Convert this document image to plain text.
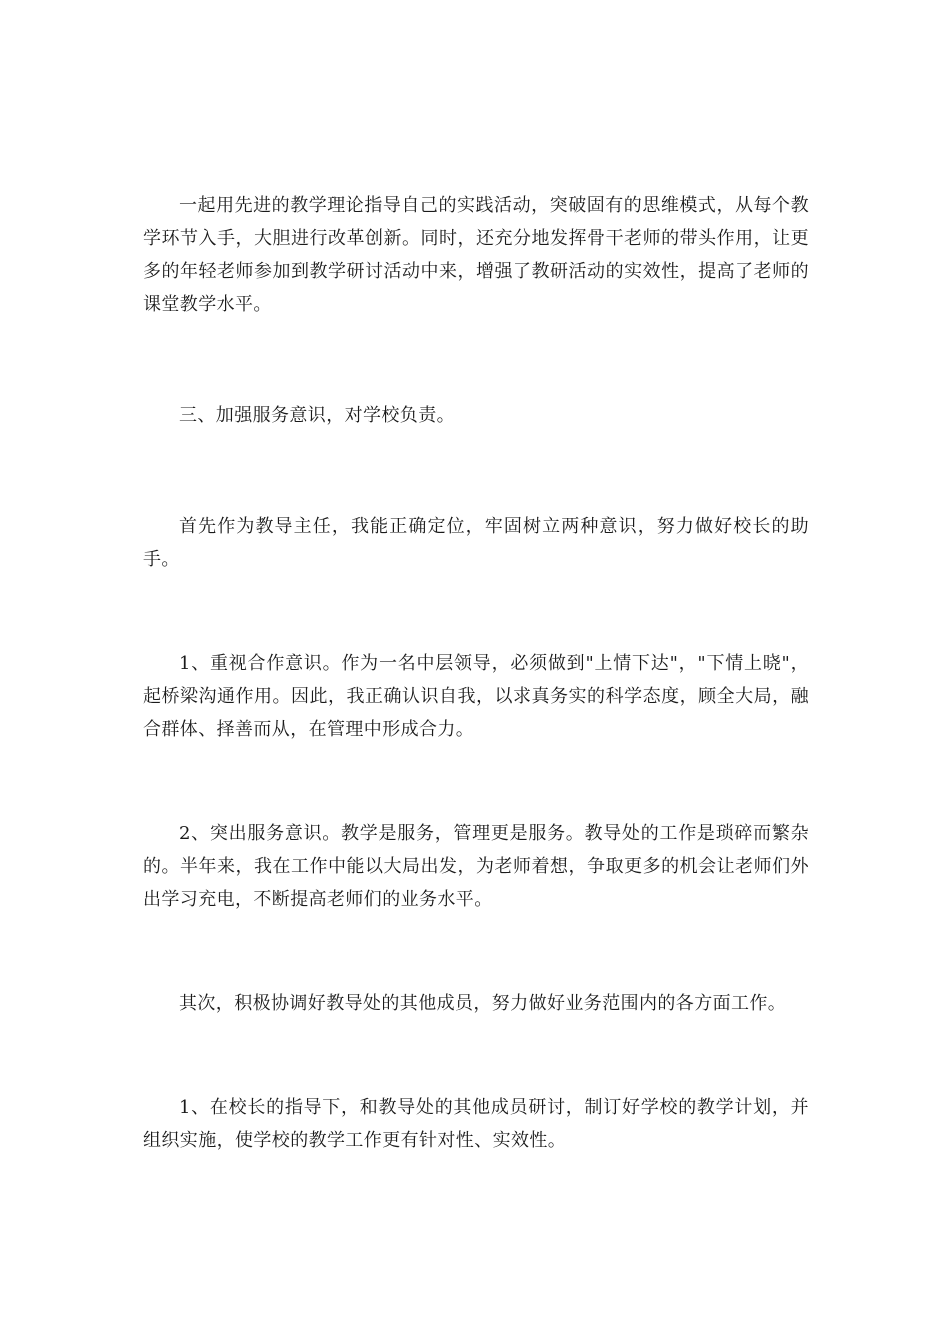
一起用先进的教学理论指导自己的实践活动，突破固有的思维模式，从每个教学环节入手，大胆进行改革创新。同时，还充分地发挥骨干老师的带头作用，让更多的年轻老师参加到教学研讨活动中来，增强了教研活动的实效性，提高了老师的课堂教学水平。

三、加强服务意识，对学校负责。

首先作为教导主任，我能正确定位，牢固树立两种意识，努力做好校长的助手。

1、重视合作意识。作为一名中层领导，必须做到"上情下达"，"下情上晓"，起桥梁沟通作用。因此，我正确认识自我，以求真务实的科学态度，顾全大局，融合群体、择善而从，在管理中形成合力。

2、突出服务意识。教学是服务，管理更是服务。教导处的工作是琐碎而繁杂的。半年来，我在工作中能以大局出发，为老师着想，争取更多的机会让老师们外出学习充电，不断提高老师们的业务水平。

其次，积极协调好教导处的其他成员，努力做好业务范围内的各方面工作。

1、在校长的指导下，和教导处的其他成员研讨，制订好学校的教学计划，并组织实施，使学校的教学工作更有针对性、实效性。
